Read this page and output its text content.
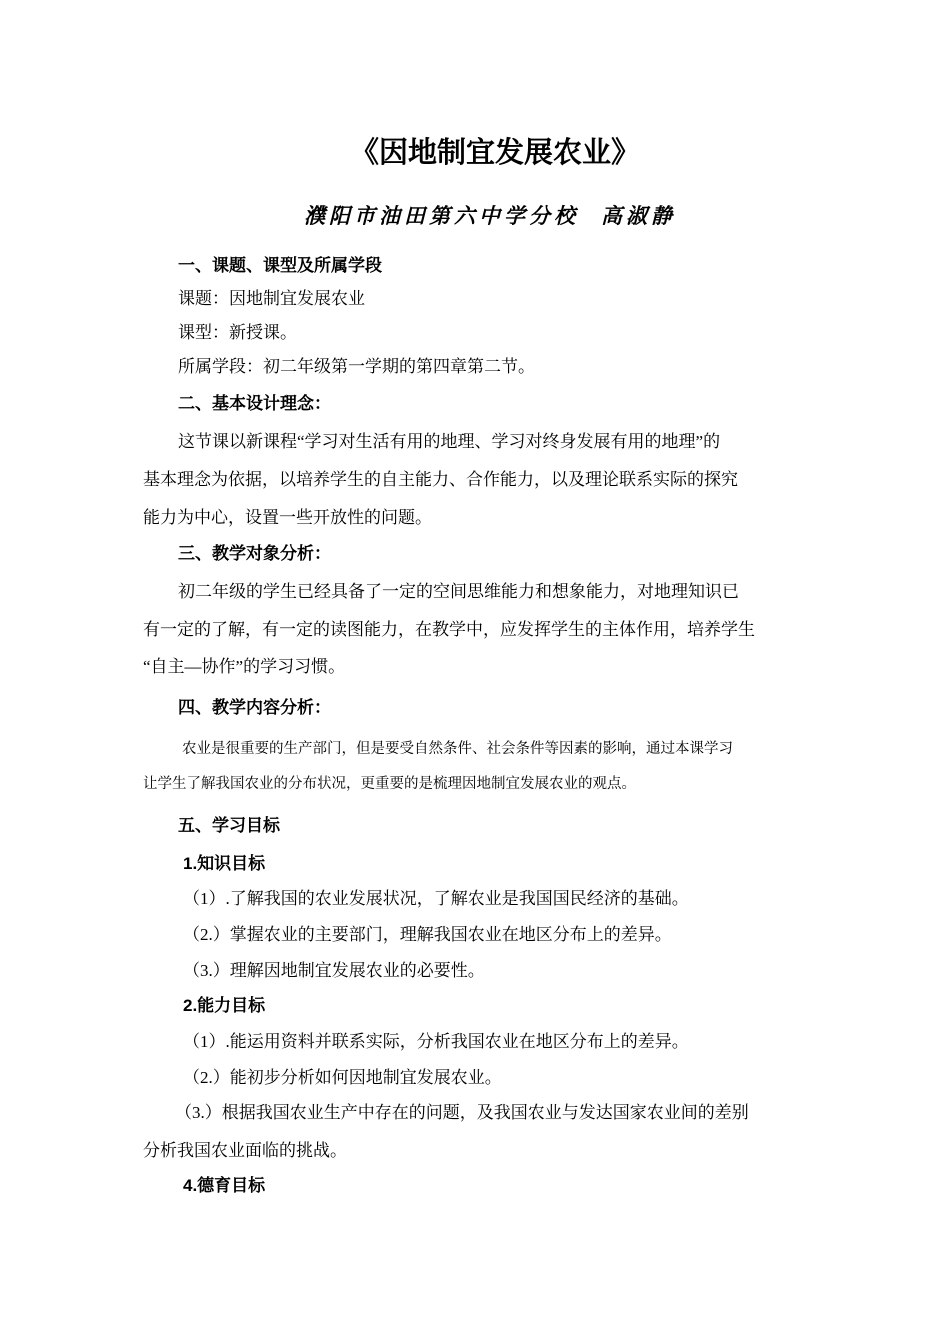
《因地制宜发展农业》
濮阳市油田第六中学分校 高淑静
一、课题、课型及所属学段
课题：因地制宜发展农业
课型：新授课。
所属学段：初二年级第一学期的第四章第二节。
二、基本设计理念：
这节课以新课程“学习对生活有用的地理、学习对终身发展有用的地理”的
基本理念为依据，以培养学生的自主能力、合作能力，以及理论联系实际的探究
能力为中心，设置一些开放性的问题。
三、教学对象分析：
初二年级的学生已经具备了一定的空间思维能力和想象能力，对地理知识已
有一定的了解，有一定的读图能力，在教学中，应发挥学生的主体作用，培养学生
“自主—协作”的学习习惯。
四、教学内容分析：
农业是很重要的生产部门，但是要受自然条件、社会条件等因素的影响，通过本课学习
让学生了解我国农业的分布状况，更重要的是梳理因地制宜发展农业的观点。
五、学习目标
1.知识目标
（1）.了解我国的农业发展状况，了解农业是我国国民经济的基础。
（2.）掌握农业的主要部门，理解我国农业在地区分布上的差异。
（3.）理解因地制宜发展农业的必要性。
2.能力目标
（1）.能运用资料并联系实际，分析我国农业在地区分布上的差异。
（2.）能初步分析如何因地制宜发展农业。
（3.）根据我国农业生产中存在的问题，及我国农业与发达国家农业间的差别
分析我国农业面临的挑战。
4.德育目标
